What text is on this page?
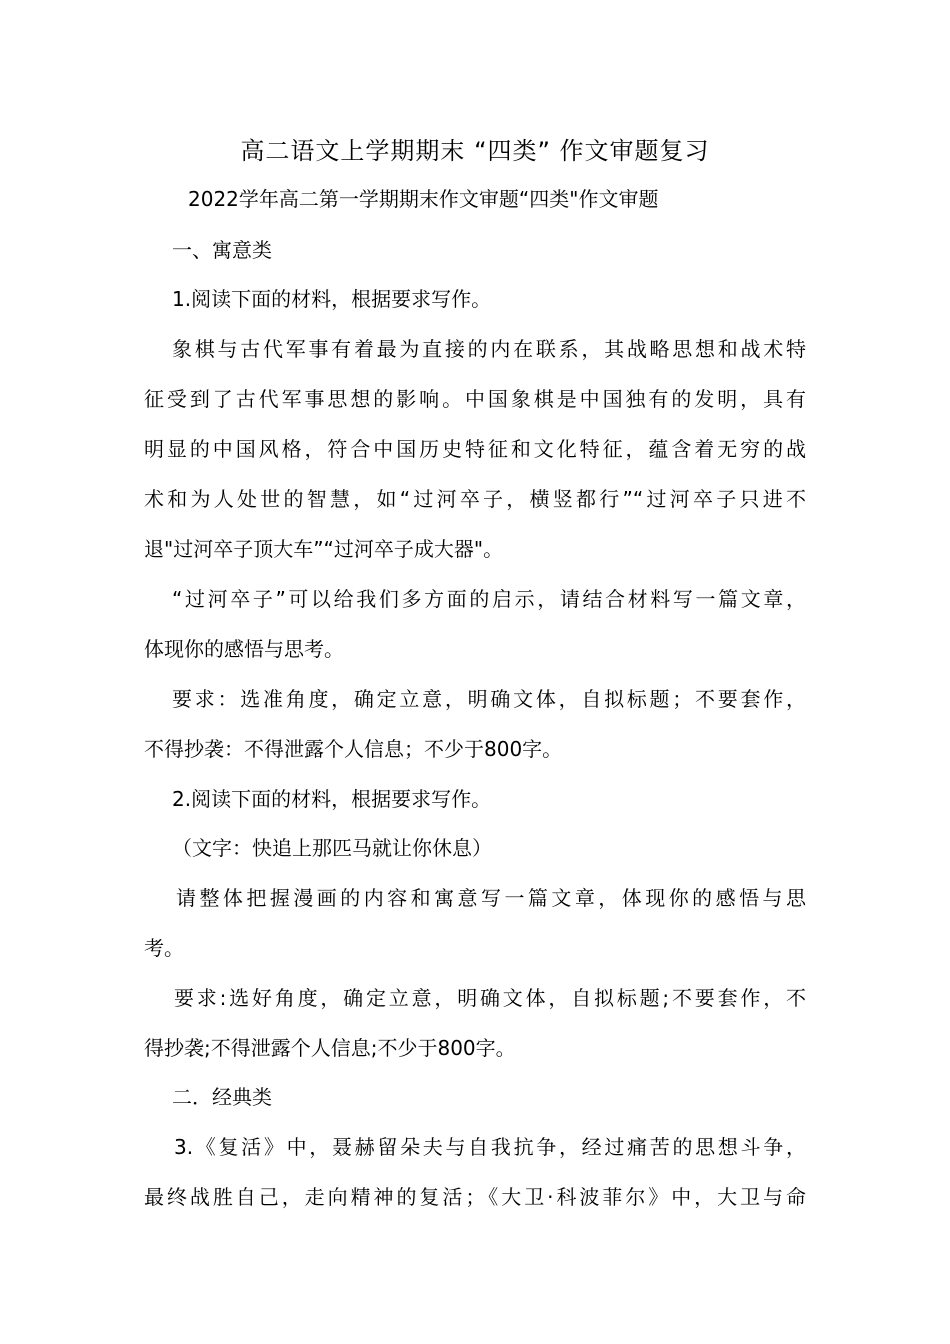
高二语文上学期期末 “四类” 作文审题复习
2022学年高二第一学期期末作文审题“四类"作文审题
一、寓意类
1.阅读下面的材料，根据要求写作。
象棋与古代军事有着最为直接的内在联系，其战略思想和战术特
征受到了古代军事思想的影响。中国象棋是中国独有的发明，具有
明显的中国风格，符合中国历史特征和文化特征，蕴含着无穷的战
术和为人处世的智慧，如“过河卒子，横竖都行”“过河卒子只进不
退"过河卒子顶大车”“过河卒子成大器"。
“过河卒子”可以给我们多方面的启示，请结合材料写一篇文章，
体现你的感悟与思考。
要求：选准角度，确定立意，明确文体，自拟标题；不要套作，
不得抄袭：不得泄露个人信息；不少于800字。
2.阅读下面的材料，根据要求写作。
（文字：快追上那匹马就让你休息）
请整体把握漫画的内容和寓意写一篇文章，体现你的感悟与思
考。
要求:选好角度，确定立意，明确文体，自拟标题;不要套作，不
得抄袭;不得泄露个人信息;不少于800字。
二．经典类
3.《复活》中，聂赫留朵夫与自我抗争，经过痛苦的思想斗争，
最终战胜自己，走向精神的复活；《大卫·科波菲尔》中，大卫与命
